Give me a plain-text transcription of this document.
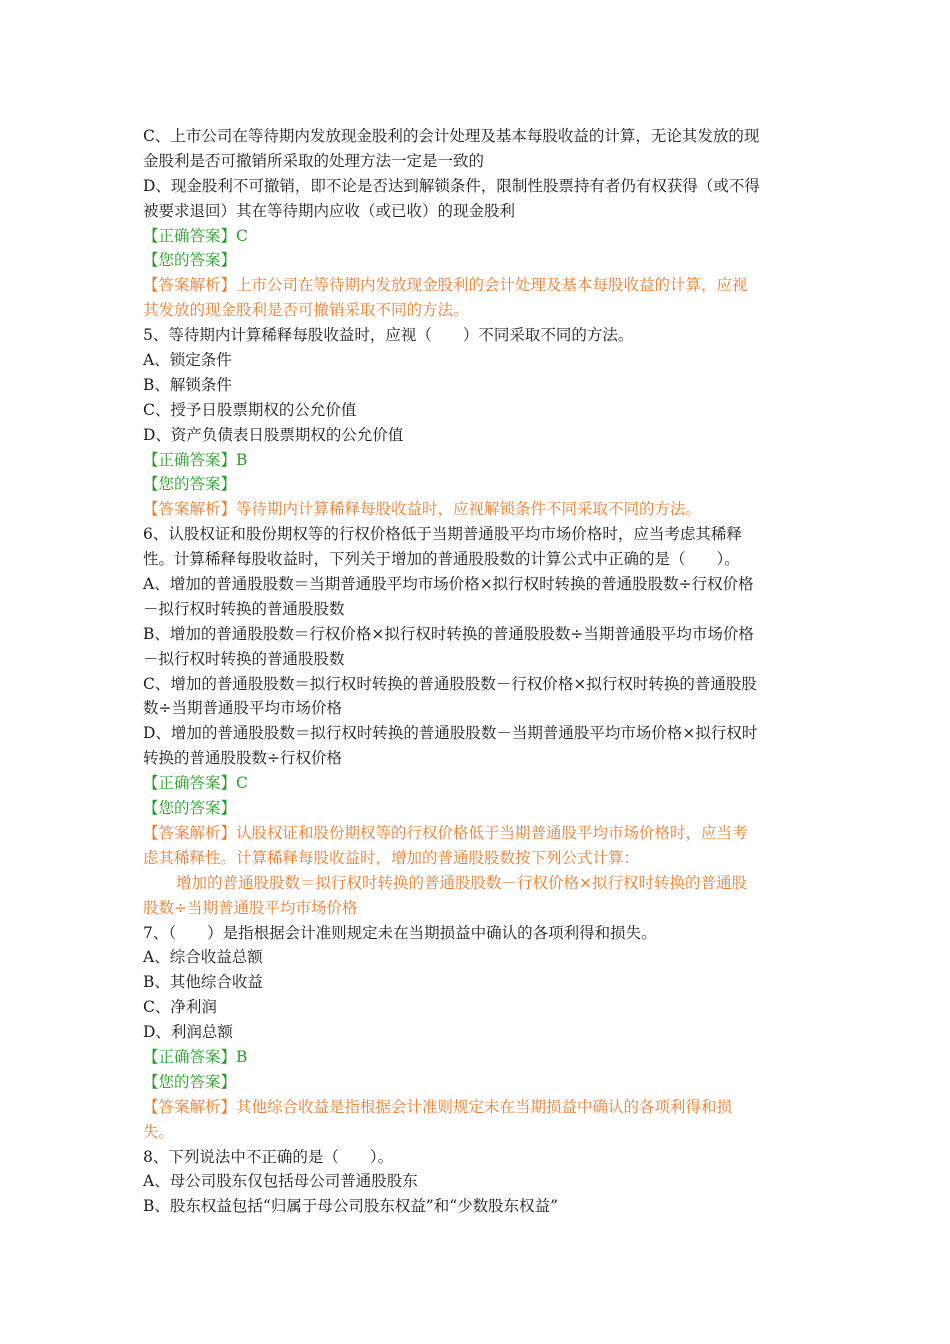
C、上市公司在等待期内发放现金股利的会计处理及基本每股收益的计算，无论其发放的现
金股利是否可撤销所采取的处理方法一定是一致的
D、现金股利不可撤销，即不论是否达到解锁条件，限制性股票持有者仍有权获得（或不得
被要求退回）其在等待期内应收（或已收）的现金股利
【正确答案】C
【您的答案】
【答案解析】上市公司在等待期内发放现金股利的会计处理及基本每股收益的计算，应视
其发放的现金股利是否可撤销采取不同的方法。
5、等待期内计算稀释每股收益时，应视（　　）不同采取不同的方法。
A、锁定条件
B、解锁条件
C、授予日股票期权的公允价值
D、资产负债表日股票期权的公允价值
【正确答案】B
【您的答案】
【答案解析】等待期内计算稀释每股收益时，应视解锁条件不同采取不同的方法。
6、认股权证和股份期权等的行权价格低于当期普通股平均市场价格时，应当考虑其稀释
性。计算稀释每股收益时，下列关于增加的普通股股数的计算公式中正确的是（　　）。
A、增加的普通股股数＝当期普通股平均市场价格×拟行权时转换的普通股股数÷行权价格
－拟行权时转换的普通股股数
B、增加的普通股股数＝行权价格×拟行权时转换的普通股股数÷当期普通股平均市场价格
－拟行权时转换的普通股股数
C、增加的普通股股数＝拟行权时转换的普通股股数－行权价格×拟行权时转换的普通股股
数÷当期普通股平均市场价格
D、增加的普通股股数＝拟行权时转换的普通股股数－当期普通股平均市场价格×拟行权时
转换的普通股股数÷行权价格
【正确答案】C
【您的答案】
【答案解析】认股权证和股份期权等的行权价格低于当期普通股平均市场价格时，应当考
虑其稀释性。计算稀释每股收益时，增加的普通股股数按下列公式计算：
增加的普通股股数＝拟行权时转换的普通股股数－行权价格×拟行权时转换的普通股
股数÷当期普通股平均市场价格
7、（　　）是指根据会计准则规定未在当期损益中确认的各项利得和损失。
A、综合收益总额
B、其他综合收益
C、净利润
D、利润总额
【正确答案】B
【您的答案】
【答案解析】其他综合收益是指根据会计准则规定未在当期损益中确认的各项利得和损
失。
8、下列说法中不正确的是（　　）。
A、母公司股东仅包括母公司普通股股东
B、股东权益包括“归属于母公司股东权益”和“少数股东权益”
